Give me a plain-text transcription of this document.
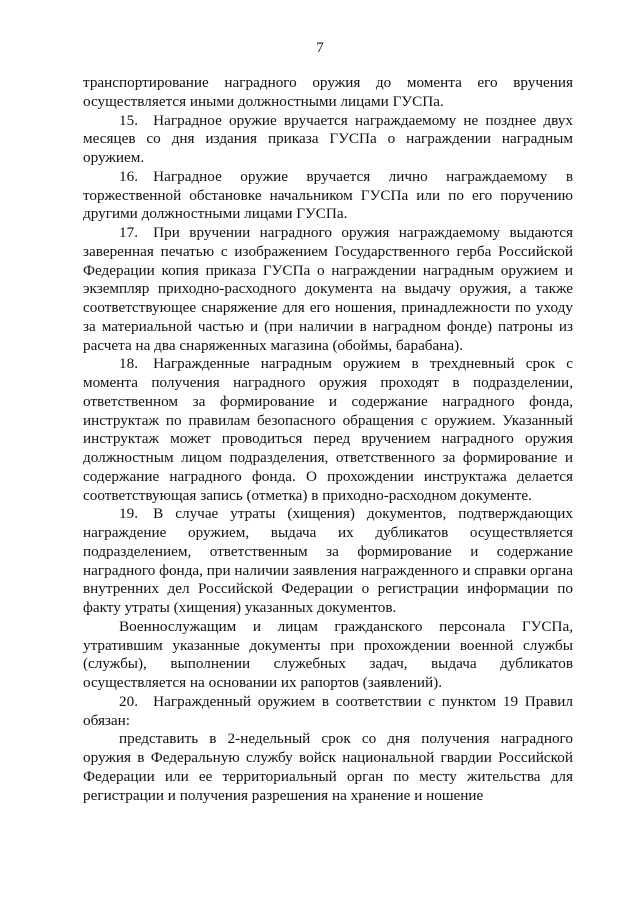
7

транспортирование наградного оружия до момента его вручения осуществляется иными должностными лицами ГУСПа.

15. Наградное оружие вручается награждаемому не позднее двух месяцев со дня издания приказа ГУСПа о награждении наградным оружием.

16. Наградное оружие вручается лично награждаемому в торжественной обстановке начальником ГУСПа или по его поручению другими должностными лицами ГУСПа.

17. При вручении наградного оружия награждаемому выдаются заверенная печатью с изображением Государственного герба Российской Федерации копия приказа ГУСПа о награждении наградным оружием и экземпляр приходно-расходного документа на выдачу оружия, а также соответствующее снаряжение для его ношения, принадлежности по уходу за материальной частью и (при наличии в наградном фонде) патроны из расчета на два снаряженных магазина (обоймы, барабана).

18. Награжденные наградным оружием в трехдневный срок с момента получения наградного оружия проходят в подразделении, ответственном за формирование и содержание наградного фонда, инструктаж по правилам безопасного обращения с оружием. Указанный инструктаж может проводиться перед вручением наградного оружия должностным лицом подразделения, ответственного за формирование и содержание наградного фонда. О прохождении инструктажа делается соответствующая запись (отметка) в приходно-расходном документе.

19. В случае утраты (хищения) документов, подтверждающих награждение оружием, выдача их дубликатов осуществляется подразделением, ответственным за формирование и содержание наградного фонда, при наличии заявления награжденного и справки органа внутренних дел Российской Федерации о регистрации информации по факту утраты (хищения) указанных документов.

Военнослужащим и лицам гражданского персонала ГУСПа, утратившим указанные документы при прохождении военной службы (службы), выполнении служебных задач, выдача дубликатов осуществляется на основании их рапортов (заявлений).

20. Награжденный оружием в соответствии с пунктом 19 Правил обязан:

представить в 2-недельный срок со дня получения наградного оружия в Федеральную службу войск национальной гвардии Российской Федерации или ее территориальный орган по месту жительства для регистрации и получения разрешения на хранение и ношение
